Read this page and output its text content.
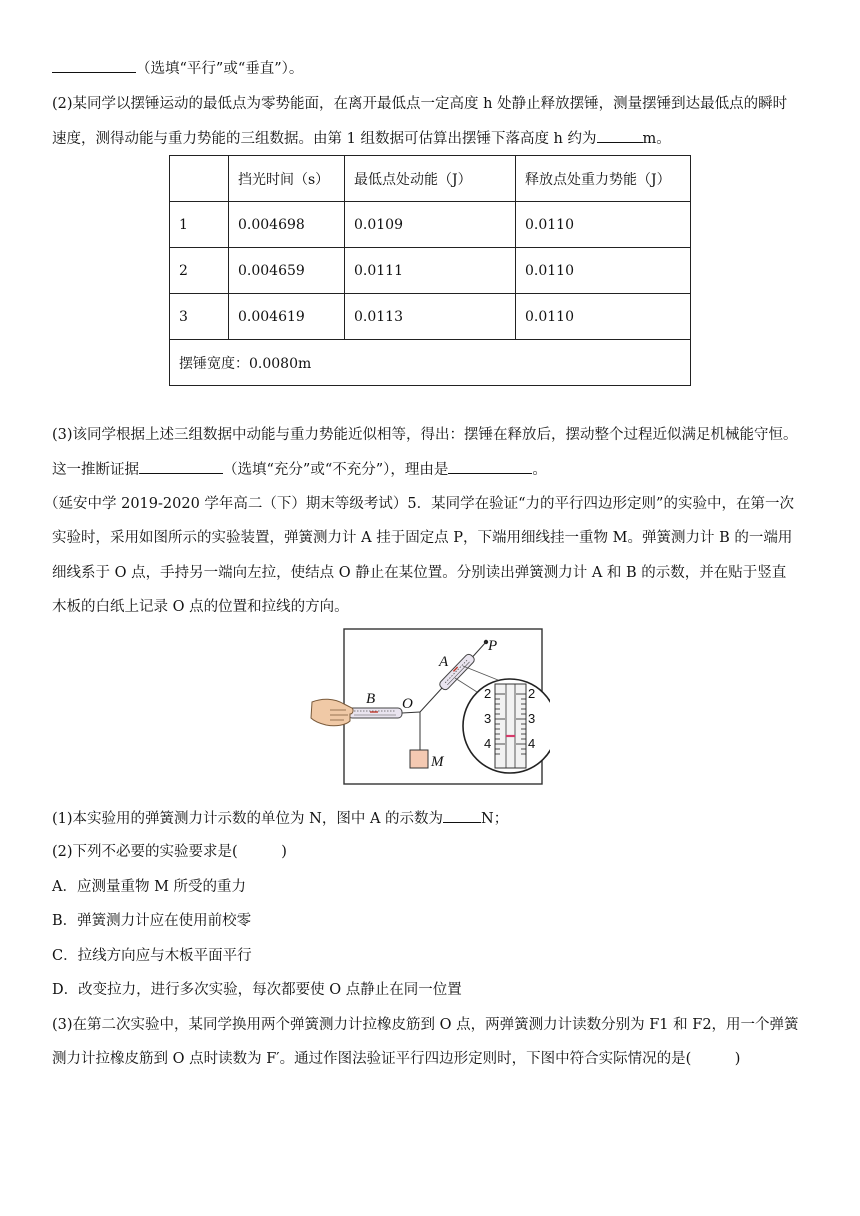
（选填“平行”或“垂直”）。
(2)某同学以摆锤运动的最低点为零势能面，在离开最低点一定高度 h 处静止释放摆锤，测量摆锤到达最低点的瞬时
速度，测得动能与重力势能的三组数据。由第 1 组数据可估算出摆锤下落高度 h 约为	m。
	挡光时间（s）	最低点处动能（J）	释放点处重力势能（J）
1	0.004698	0.0109	0.0110
2	0.004659	0.0111	0.0110
3	0.004619	0.0113	0.0110
摆锤宽度：0.0080m			
(3)该同学根据上述三组数据中动能与重力势能近似相等，得出：摆锤在释放后，摆动整个过程近似满足机械能守恒。
这一推断证据	（选填“充分”或“不充分”），理由是	。
（延安中学 2019-2020 学年高二（下）期末等级考试）5．某同学在验证“力的平行四边形定则”的实验中，在第一次
实验时，采用如图所示的实验装置，弹簧测力计 A 挂于固定点 P，下端用细线挂一重物 M。弹簧测力计 B 的一端用
细线系于 O 点，手持另一端向左拉，使结点 O 静止在某位置。分别读出弹簧测力计 A 和 B 的示数，并在贴于竖直
木板的白纸上记录 O 点的位置和拉线的方向。
2
3
4
2
3
4
P
A
B O
M
(1)本实验用的弹簧测力计示数的单位为 N，图中 A 的示数为	N；
(2)下列不必要的实验要求是(　　　)
A．应测量重物 M 所受的重力
B．弹簧测力计应在使用前校零
C．拉线方向应与木板平面平行
D．改变拉力，进行多次实验，每次都要使 O 点静止在同一位置
(3)在第二次实验中，某同学换用两个弹簧测力计拉橡皮筋到 O 点，两弹簧测力计读数分别为 F1 和 F2，用一个弹簧
测力计拉橡皮筋到 O 点时读数为 F′。通过作图法验证平行四边形定则时，下图中符合实际情况的是(　　　)
